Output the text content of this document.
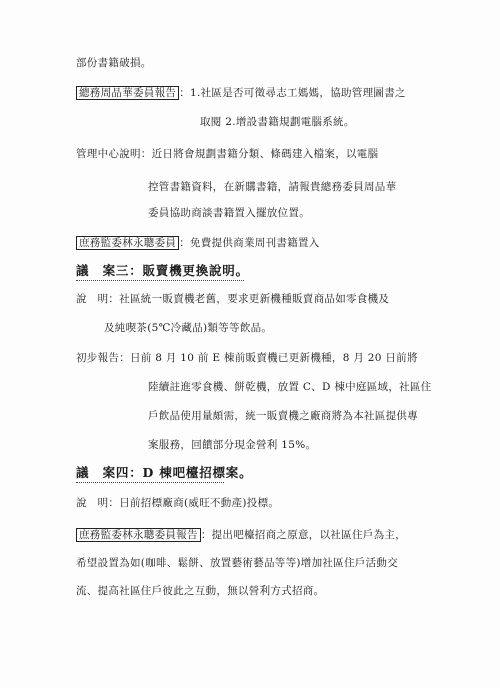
部份書籍破損。
總務周品華委員報告 ：1.社區是否可徵尋志工媽媽，協助管理圖書之
取閱 2.增設書籍規劃電腦系統。
管理中心說明：近日將會規劃書籍分類、條碼建入檔案，以電腦
控管書籍資料，在新購書籍，請報貴總務委員周品華
委員協助商談書籍置入擺放位置。
庶務監委林永聰委員 ：免費提供商業周刊書籍置入
議　案三：販賣機更換說明。
說　明：社區統一販賣機老舊，要求更新機種販賣商品如零食機及
及純喫茶(5℃冷藏品)類等等飲品。
初步報告：日前 8 月 10 前 E 棟前販賣機已更新機種，8 月 20 日前將
陸續註進零食機、餅乾機，放置 C、D 棟中庭區域，社區住
戶飲品使用量頗需，統一販賣機之廠商將為本社區提供專
案服務，回饋部分現金營利 15%。
議　案四：D 棟吧檯招標案。
說　明：日前招標廠商(威旺不動產)投標。
庶務監委林永聰委員報告 ：提出吧檯招商之原意，以社區住戶為主，
希望設置為如(咖啡、鬆餅、放置藝術藝品等等)增加社區住戶活動交
流、提高社區住戶彼此之互動，無以營利方式招商。
